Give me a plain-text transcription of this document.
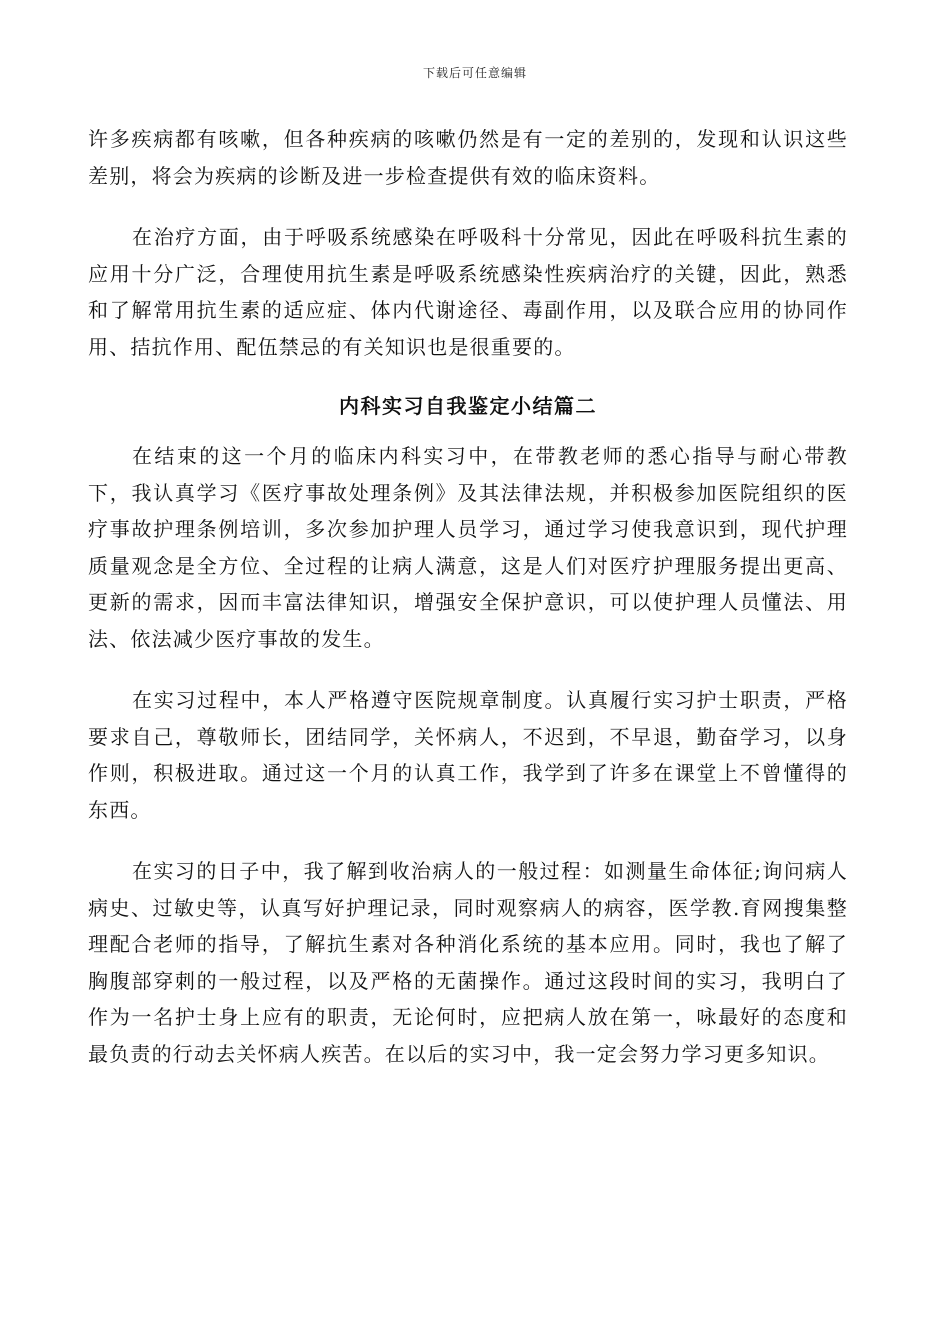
下载后可任意编辑

许多疾病都有咳嗽，但各种疾病的咳嗽仍然是有一定的差别的，发现和认识这些差别，将会为疾病的诊断及进一步检查提供有效的临床资料。

在治疗方面，由于呼吸系统感染在呼吸科十分常见，因此在呼吸科抗生素的应用十分广泛，合理使用抗生素是呼吸系统感染性疾病治疗的关键，因此，熟悉和了解常用抗生素的适应症、体内代谢途径、毒副作用，以及联合应用的协同作用、拮抗作用、配伍禁忌的有关知识也是很重要的。

内科实习自我鉴定小结篇二

在结束的这一个月的临床内科实习中，在带教老师的悉心指导与耐心带教下，我认真学习《医疗事故处理条例》及其法律法规，并积极参加医院组织的医疗事故护理条例培训，多次参加护理人员学习，通过学习使我意识到，现代护理质量观念是全方位、全过程的让病人满意，这是人们对医疗护理服务提出更高、更新的需求，因而丰富法律知识，增强安全保护意识，可以使护理人员懂法、用法、依法减少医疗事故的发生。

在实习过程中，本人严格遵守医院规章制度。认真履行实习护士职责，严格要求自己，尊敬师长，团结同学，关怀病人，不迟到，不早退，勤奋学习，以身作则，积极进取。通过这一个月的认真工作，我学到了许多在课堂上不曾懂得的东西。

在实习的日子中，我了解到收治病人的一般过程：如测量生命体征;询问病人病史、过敏史等，认真写好护理记录，同时观察病人的病容，医学教.育网搜集整理配合老师的指导，了解抗生素对各种消化系统的基本应用。同时，我也了解了胸腹部穿刺的一般过程，以及严格的无菌操作。通过这段时间的实习，我明白了作为一名护士身上应有的职责，无论何时，应把病人放在第一，咏最好的态度和最负责的行动去关怀病人疾苦。在以后的实习中，我一定会努力学习更多知识。
